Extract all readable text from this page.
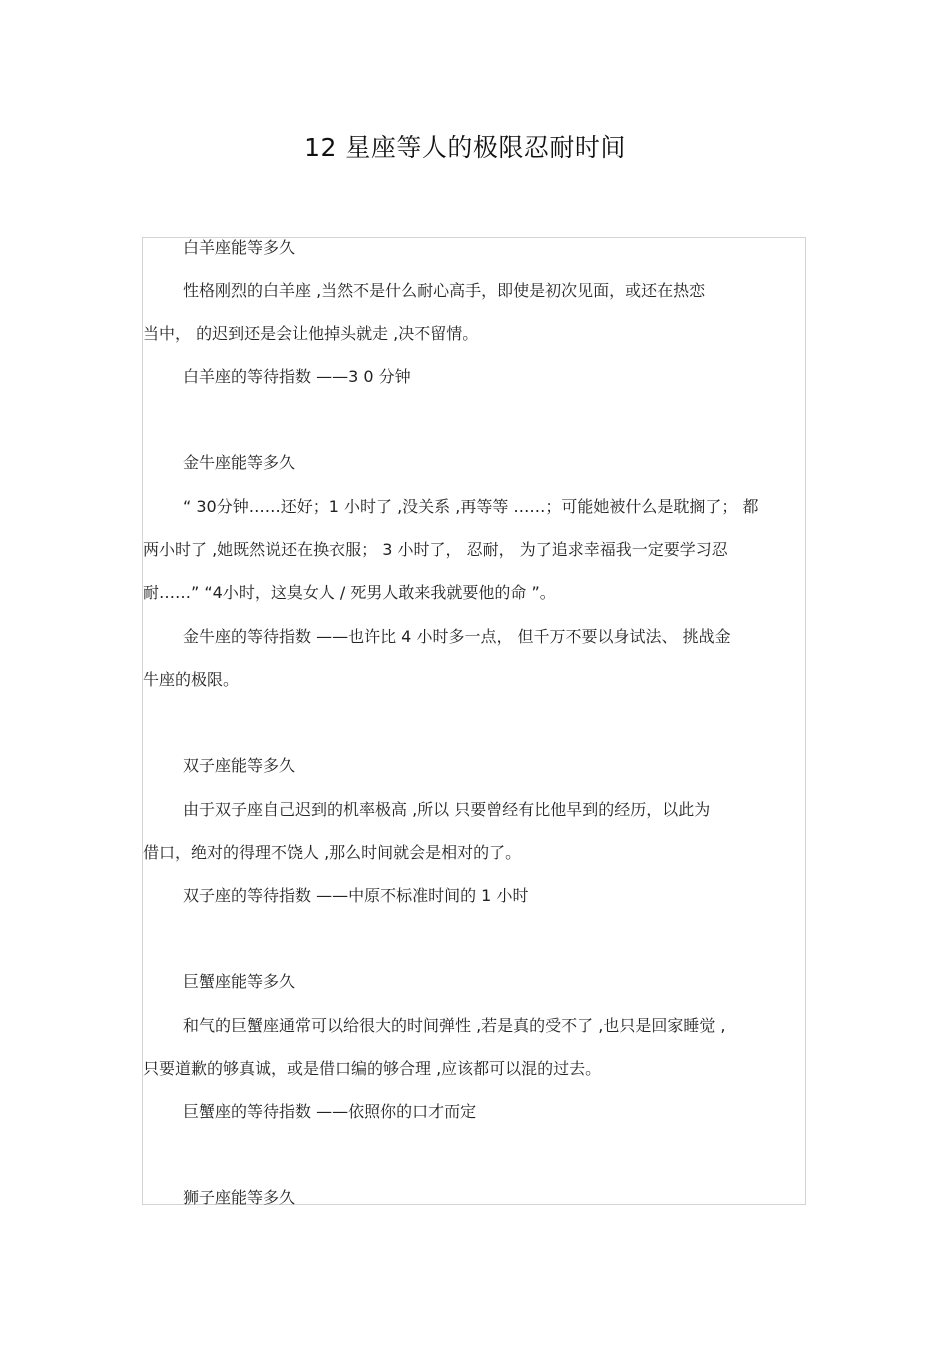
12 星座等人的极限忍耐时间
白羊座能等多久
性格刚烈的白羊座 ,当然不是什么耐心高手，即使是初次见面，或还在热恋
当中， 的迟到还是会让他掉头就走 ,决不留情。
白羊座的等待指数 ——3 0 分钟
金牛座能等多久
“ 30分钟……还好；1 小时了 ,没关系 ,再等等 ……；可能她被什么是耽搁了； 都
两小时了 ,她既然说还在换衣服； 3 小时了， 忍耐， 为了追求幸福我一定要学习忍
耐……” “4小时，这臭女人 / 死男人敢来我就要他的命 ”。
金牛座的等待指数 ——也许比 4 小时多一点， 但千万不要以身试法、 挑战金
牛座的极限。
双子座能等多久
由于双子座自己迟到的机率极高 ,所以 只要曾经有比他早到的经历，以此为
借口，绝对的得理不饶人 ,那么时间就会是相对的了。
双子座的等待指数 ——中原不标准时间的 1 小时
巨蟹座能等多久
和气的巨蟹座通常可以给很大的时间弹性 ,若是真的受不了 ,也只是回家睡觉 ,
只要道歉的够真诚，或是借口编的够合理 ,应该都可以混的过去。
巨蟹座的等待指数 ——依照你的口才而定
狮子座能等多久
